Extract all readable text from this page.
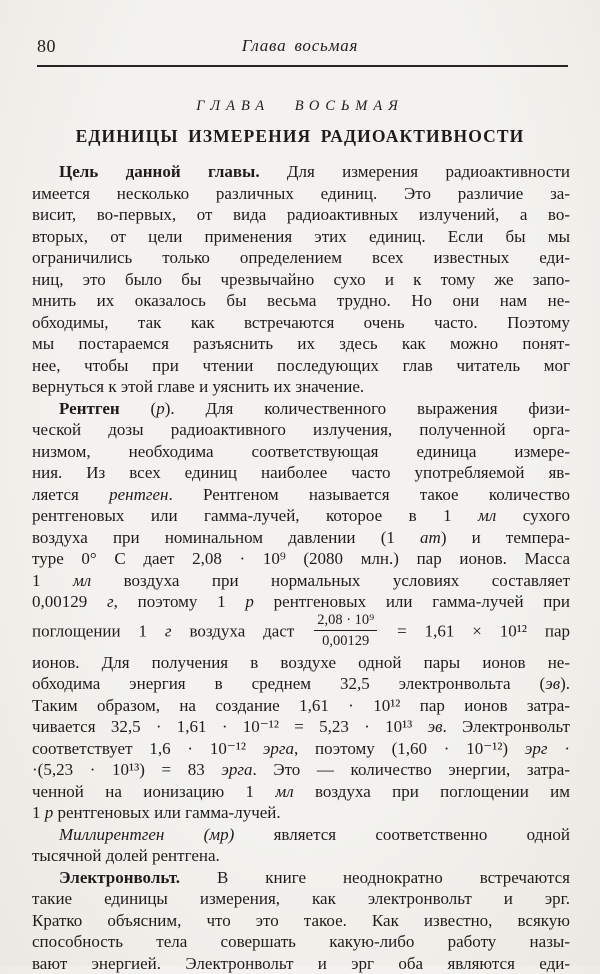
80	Глава восьмая
ГЛАВА ВОСЬМАЯ
ЕДИНИЦЫ ИЗМЕРЕНИЯ РАДИОАКТИВНОСТИ
Цель данной главы. Для измерения радиоактивности
имеется несколько различных единиц. Это различие за-
висит, во-первых, от вида радиоактивных излучений, а во-
вторых, от цели применения этих единиц. Если бы мы
ограничились только определением всех известных еди-
ниц, это было бы чрезвычайно сухо и к тому же запо-
мнить их оказалось бы весьма трудно. Но они нам не-
обходимы, так как встречаются очень часто. Поэтому
мы постараемся разъяснить их здесь как можно понят-
нее, чтобы при чтении последующих глав читатель мог
вернуться к этой главе и уяснить их значение.
Рентген (р). Для количественного выражения физи-
ческой дозы радиоактивного излучения, полученной орга-
низмом, необходима соответствующая единица измере-
ния. Из всех единиц наиболее часто употребляемой яв-
ляется рентген. Рентгеном называется такое количество
рентгеновых или гамма-лучей, которое в 1 мл сухого
воздуха при номинальном давлении (1 ат) и темпера-
туре 0° С дает 2,08 · 10⁹ (2080 млн.) пар ионов. Масса
1 мл воздуха при нормальных условиях составляет
0,00129 г, поэтому 1 р рентгеновых или гамма-лучей при
поглощении 1 г воздуха даст $\frac{\text{2,08 · 10⁹}}{0,00129} = 1,61 \times 10^{12}$ пар
ионов. Для получения в воздухе одной пары ионов не-
обходима энергия в среднем 32,5 электронвольта (эв).
Таким образом, на создание 1,61 · 10¹² пар ионов затра-
чивается 32,5 · 1,61 · 10⁻¹² = 5,23 · 10¹³ эв. Электронвольт
соответствует 1,6 · 10⁻¹² эрга, поэтому (1,60 · 10⁻¹²) эрг ·
·(5,23 · 10¹³) = 83 эрга. Это — количество энергии, затра-
ченной на ионизацию 1 мл воздуха при поглощении им
1 р рентгеновых или гамма-лучей.
Миллирентген (мр) является соответственно одной
тысячной долей рентгена.
Электронвольт. В книге неоднократно встречаются
такие единицы измерения, как электронвольт и эрг.
Кратко объясним, что это такое. Как известно, всякую
способность тела совершать какую-либо работу назы-
вают энергией. Электронвольт и эрг оба являются еди-
